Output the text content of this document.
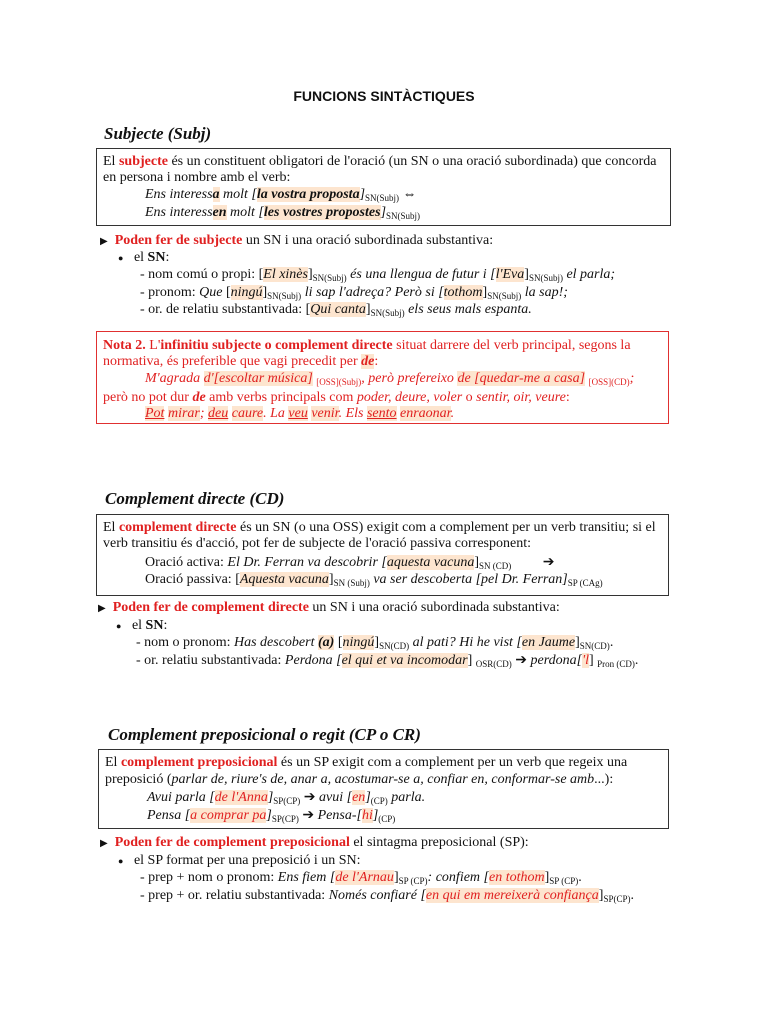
FUNCIONS SINTÀCTIQUES
Subjecte (Subj)
El subjecte és un constituent obligatori de l'oració (un SN o una oració subordinada) que concorda
en persona i nombre amb el verb:
Ens interessa molt [la vostra $proposta]_{SN(Subj)}$ ⇔
Ens interessen molt [les vostres $propostes]_{SN(Subj)}$
▶ Poden fer de subjecte un SN i una oració subordinada substantiva:
● el SN:
- nom comú o propi: [El $xinès]_{SN(Subj)}$ és una llengua de futur i $[l'Eva]_{SN(Subj)}$ el parla;
- pronom: Que $[ningú]_{SN(Subj)}$ li sap l'adreça? Però si $[tothom]_{SN(Subj)}$ la sap!;
- or. de relatiu substantivada: [Qui $canta]_{SN(Subj)}$ els seus mals espanta.
Nota 2. L'infinitiu subjecte o complement directe situat darrere del verb principal, segons la
normativa, és preferible que vagi precedit per de:
M'agrada d'[escoltar música] $_{[OSS](Subj)}$, però prefereixo de [quedar-me a casa] $_{[OSS](CD)}$;
però no pot dur de amb verbs principals com poder, deure, voler o sentir, oir, veure:
Pot mirar; deu caure. La veu venir. Els sento enraonar.
Complement directe (CD)
El complement directe és un SN (o una OSS) exigit com a complement per un verb transitiu; si el
verb transitiu és d'acció, pot fer de subjecte de l'oració passiva corresponent:
Oració activa: El Dr. Ferran va descobrir [aquesta $vacuna]_{SN (CD)}$ ➔
Oració passiva: [Aquesta $vacuna]_{SN (Subj)}$ va ser descoberta [pel Dr. $Ferran]_{SP (CAg)}$
▶ Poden fer de complement directe un SN i una oració subordinada substantiva:
● el SN:
- nom o pronom: Has descobert (a) $[ningú]_{SN(CD)}$ al pati? Hi he vist [en $Jaume]_{SN(CD)}$.
- or. relatiu substantivada: Perdona [el qui et va incomodar] $_{OSR(CD)}$ ➔ perdona['l] $_{Pron (CD)}$.
Complement preposicional o regit (CP o CR)
El complement preposicional és un SP exigit com a complement per un verb que regeix una
preposició (parlar de, riure's de, anar a, acostumar-se a, confiar en, conformar-se amb...):
Avui parla [de $l'Anna]_{SP(CP)}$ ➔ avui $[en]_{(CP)}$ parla.
Pensa [a comprar $pa]_{SP(CP)}$ ➔ Pensa-$[hi]_{(CP)}$
▶ Poden fer de complement preposicional el sintagma preposicional (SP):
● el SP format per una preposició i un SN:
- prep + nom o pronom: Ens fiem [de $l'Arnau]_{SP (CP)}$: confiem [en $tothom]_{SP (CP)}$.
- prep + or. relatiu substantivada: Només confiaré [en qui em mereixerà $confiança]_{SP(CP)}$.
